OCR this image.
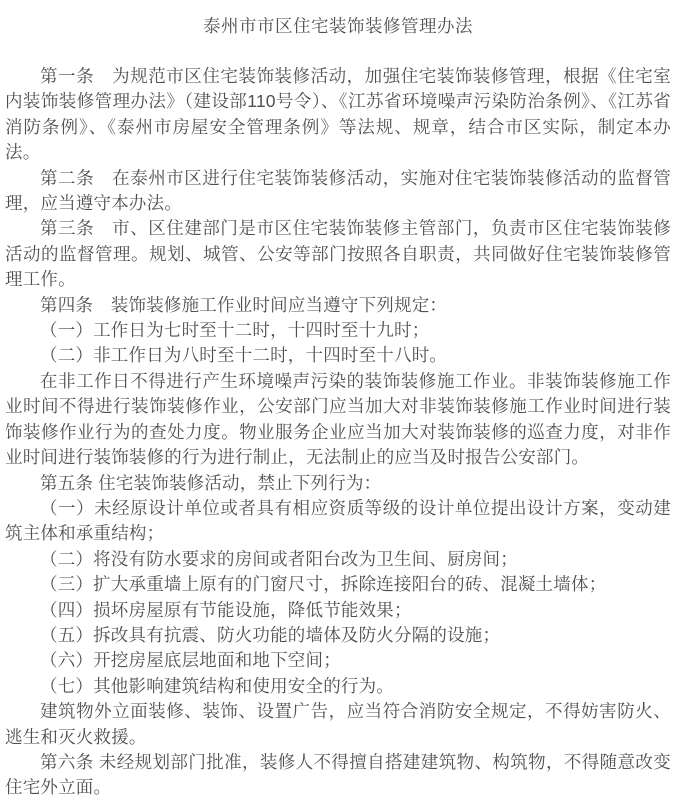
泰州市市区住宅装饰装修管理办法

第一条　为规范市区住宅装饰装修活动，加强住宅装饰装修管理，根据《住宅室内装饰装修管理办法》（建设部110号令）、《江苏省环境噪声污染防治条例》、《江苏省消防条例》、《泰州市房屋安全管理条例》等法规、规章，结合市区实际，制定本办法。

第二条　在泰州市区进行住宅装饰装修活动，实施对住宅装饰装修活动的监督管理，应当遵守本办法。

第三条　市、区住建部门是市区住宅装饰装修主管部门，负责市区住宅装饰装修活动的监督管理。规划、城管、公安等部门按照各自职责，共同做好住宅装饰装修管理工作。

第四条　装饰装修施工作业时间应当遵守下列规定：

（一）工作日为七时至十二时，十四时至十九时；

（二）非工作日为八时至十二时，十四时至十八时。

在非工作日不得进行产生环境噪声污染的装饰装修施工作业。非装饰装修施工作业时间不得进行装饰装修作业，公安部门应当加大对非装饰装修施工作业时间进行装饰装修作业行为的查处力度。物业服务企业应当加大对装饰装修的巡查力度，对非作业时间进行装饰装修的行为进行制止，无法制止的应当及时报告公安部门。

第五条 住宅装饰装修活动，禁止下列行为：

（一）未经原设计单位或者具有相应资质等级的设计单位提出设计方案，变动建筑主体和承重结构；

（二）将没有防水要求的房间或者阳台改为卫生间、厨房间；

（三）扩大承重墙上原有的门窗尺寸，拆除连接阳台的砖、混凝土墙体；

（四）损坏房屋原有节能设施，降低节能效果；

（五）拆改具有抗震、防火功能的墙体及防火分隔的设施；

（六）开挖房屋底层地面和地下空间；

（七）其他影响建筑结构和使用安全的行为。

建筑物外立面装修、装饰、设置广告，应当符合消防安全规定，不得妨害防火、逃生和灭火救援。

第六条 未经规划部门批准，装修人不得擅自搭建建筑物、构筑物，不得随意改变住宅外立面。
